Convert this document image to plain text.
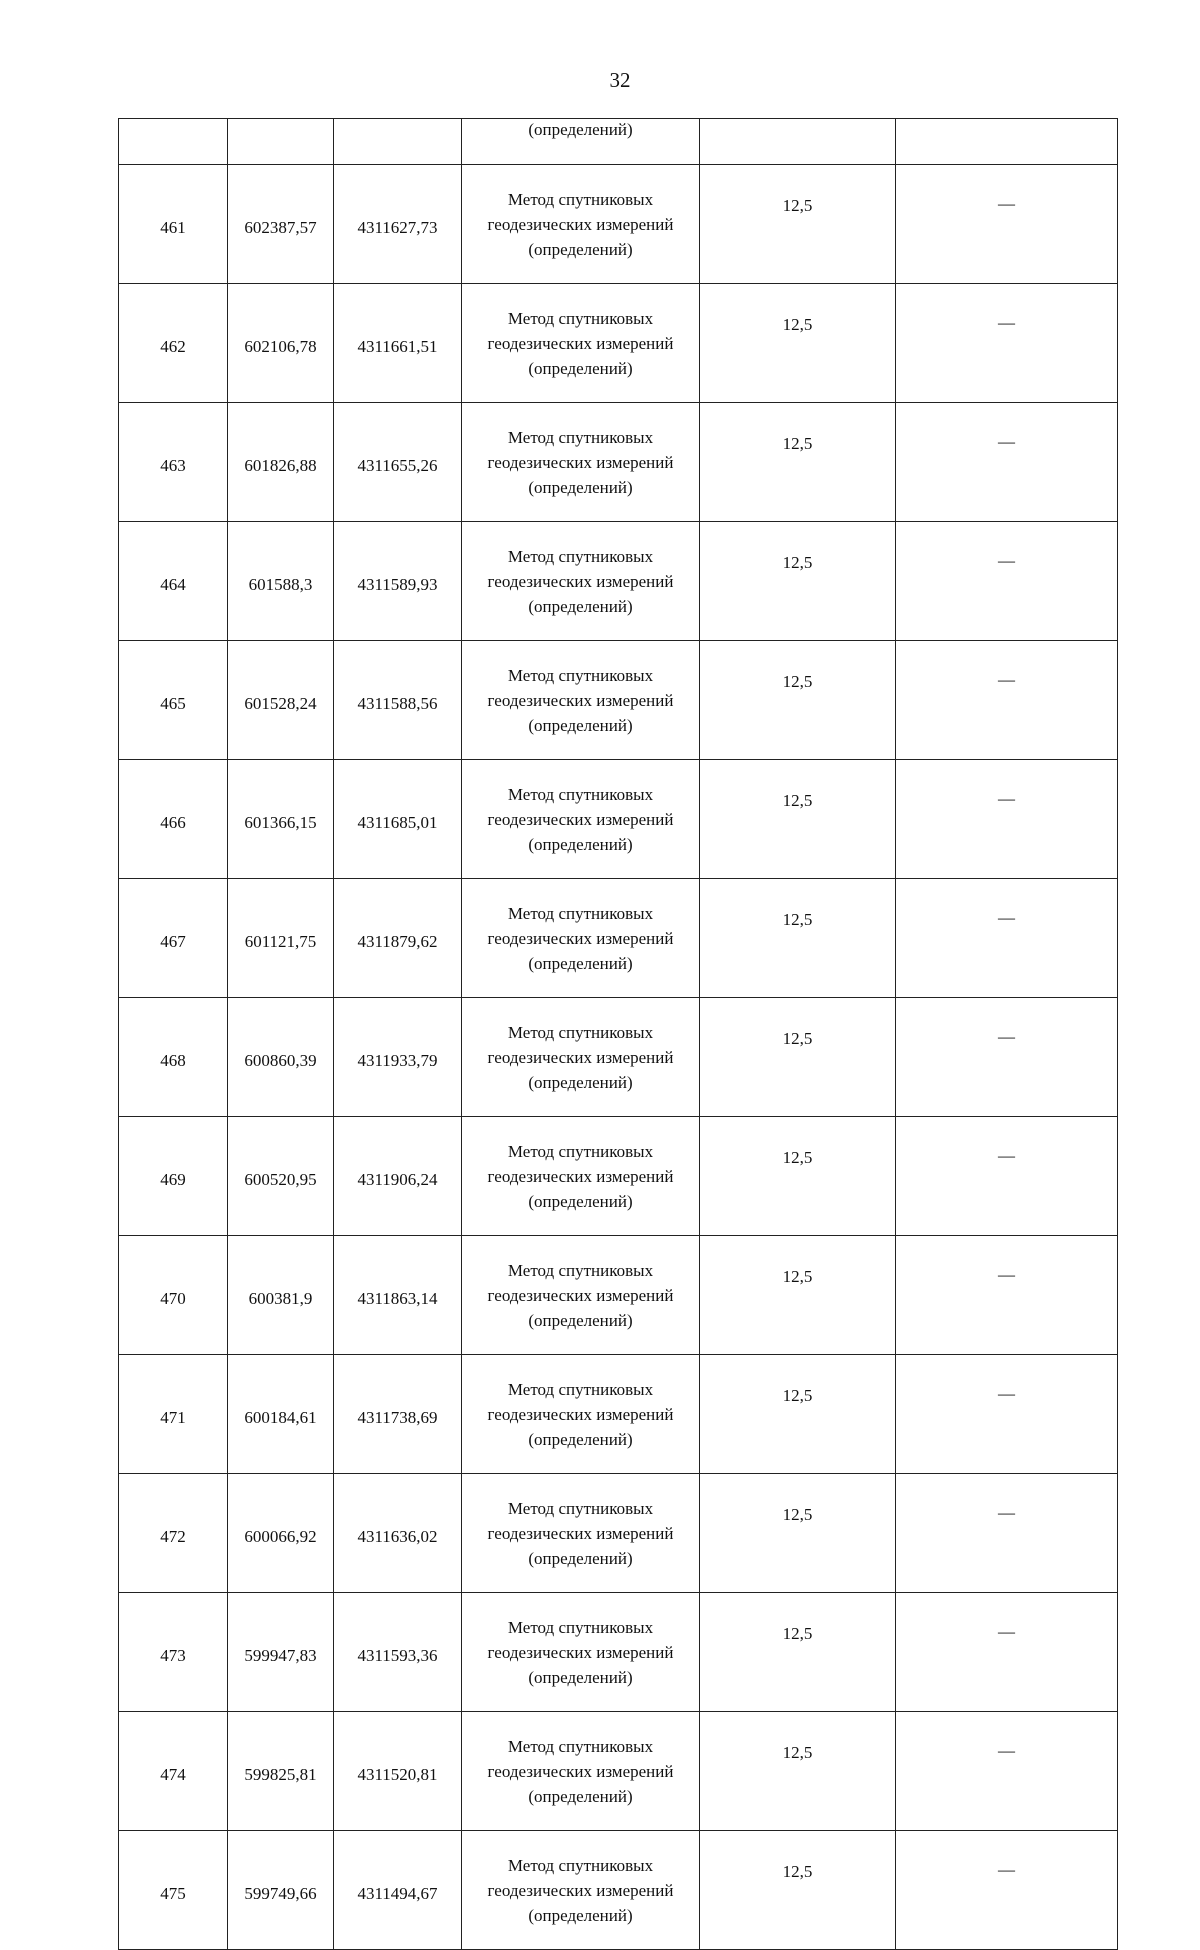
32
			(определений)		
461	602387,57	4311627,73	Метод спутниковых
геодезических измерений
(определений)	12,5	—
462	602106,78	4311661,51	Метод спутниковых
геодезических измерений
(определений)	12,5	—
463	601826,88	4311655,26	Метод спутниковых
геодезических измерений
(определений)	12,5	—
464	601588,3	4311589,93	Метод спутниковых
геодезических измерений
(определений)	12,5	—
465	601528,24	4311588,56	Метод спутниковых
геодезических измерений
(определений)	12,5	—
466	601366,15	4311685,01	Метод спутниковых
геодезических измерений
(определений)	12,5	—
467	601121,75	4311879,62	Метод спутниковых
геодезических измерений
(определений)	12,5	—
468	600860,39	4311933,79	Метод спутниковых
геодезических измерений
(определений)	12,5	—
469	600520,95	4311906,24	Метод спутниковых
геодезических измерений
(определений)	12,5	—
470	600381,9	4311863,14	Метод спутниковых
геодезических измерений
(определений)	12,5	—
471	600184,61	4311738,69	Метод спутниковых
геодезических измерений
(определений)	12,5	—
472	600066,92	4311636,02	Метод спутниковых
геодезических измерений
(определений)	12,5	—
473	599947,83	4311593,36	Метод спутниковых
геодезических измерений
(определений)	12,5	—
474	599825,81	4311520,81	Метод спутниковых
геодезических измерений
(определений)	12,5	—
475	599749,66	4311494,67	Метод спутниковых
геодезических измерений
(определений)	12,5	—
